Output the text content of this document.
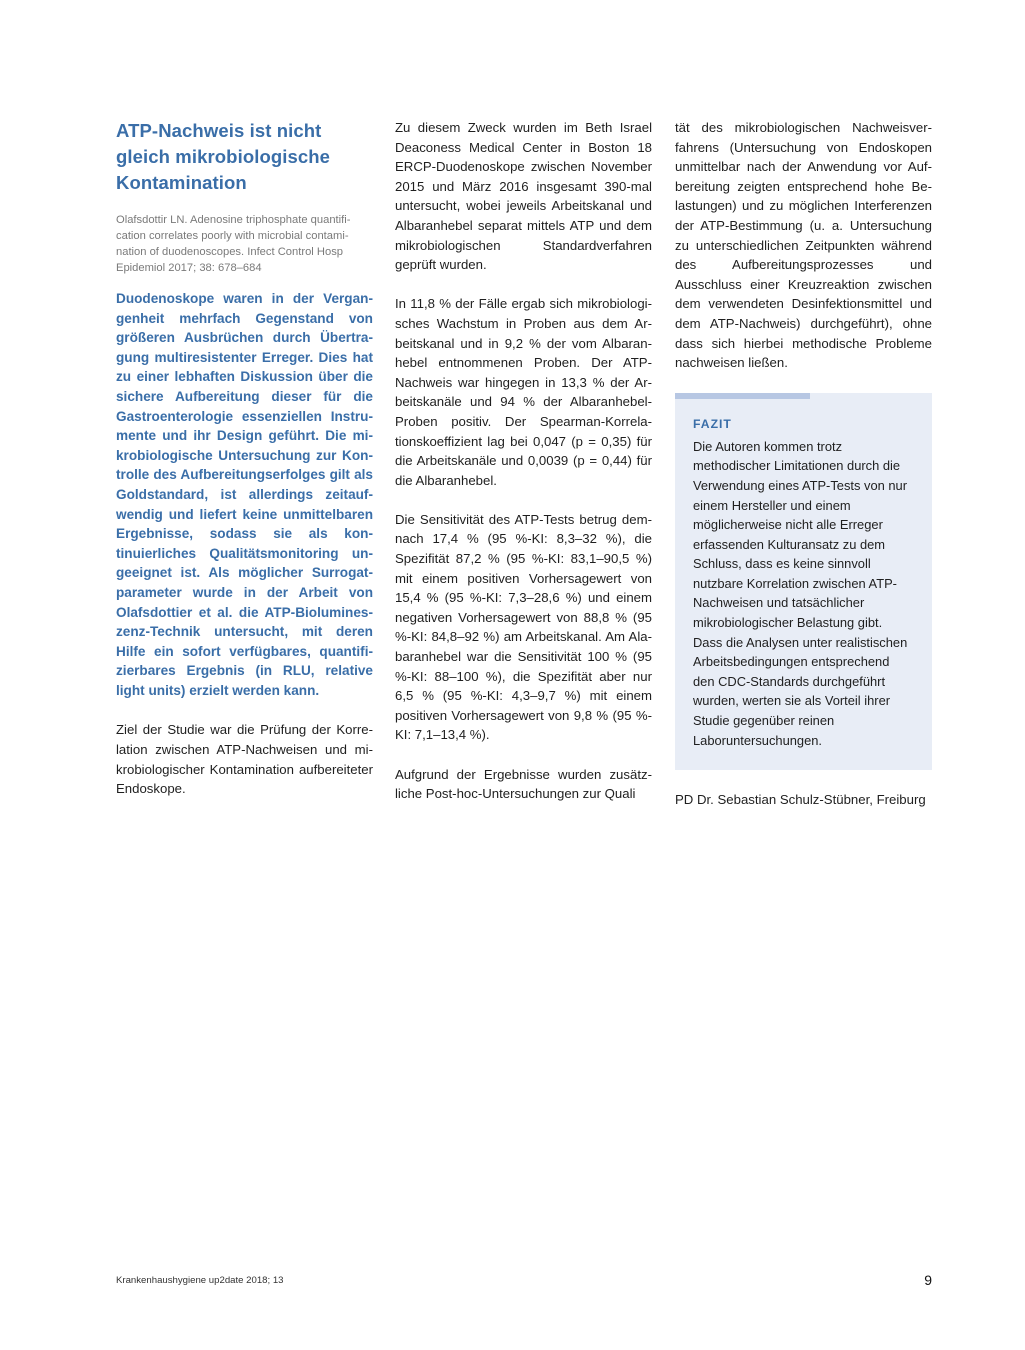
ATP-Nachweis ist nicht gleich mikrobiologische Kontamination

Olafsdottir LN. Adenosine triphosphate quantification correlates poorly with microbial contamination of duodenoscopes. Infect Control Hosp Epidemiol 2017; 38: 678–684

Duodenoskope waren in der Vergangenheit mehrfach Gegenstand von größeren Ausbrüchen durch Übertragung multiresistenter Erreger. Dies hat zu einer lebhaften Diskussion über die sichere Aufbereitung dieser für die Gastroenterologie essenziellen Instrumente und ihr Design geführt. Die mikrobiologische Untersuchung zur Kontrolle des Aufbereitungserfolges gilt als Goldstandard, ist allerdings zeitaufwendig und liefert keine unmittelbaren Ergebnisse, sodass sie als kontinuierliches Qualitätsmonitoring ungeeignet ist. Als möglicher Surrogatparameter wurde in der Arbeit von Olafsdottier et al. die ATP-Biolumineszenz-Technik untersucht, mit deren Hilfe ein sofort verfügbares, quantifizierbares Ergebnis (in RLU, relative light units) erzielt werden kann.

Ziel der Studie war die Prüfung der Korrelation zwischen ATP-Nachweisen und mikrobiologischer Kontamination aufbereiteter Endoskope.

Zu diesem Zweck wurden im Beth Israel Deaconess Medical Center in Boston 18 ERCP-Duodenoskope zwischen November 2015 und März 2016 insgesamt 390-mal untersucht, wobei jeweils Arbeitskanal und Albaranhebel separat mittels ATP und dem mikrobiologischen Standardverfahren geprüft wurden.

In 11,8 % der Fälle ergab sich mikrobiologisches Wachstum in Proben aus dem Arbeitskanal und in 9,2 % der vom Albaranhebel entnommenen Proben. Der ATP-Nachweis war hingegen in 13,3 % der Arbeitskanäle und 94 % der Albaranhebel-Proben positiv. Der Spearman-Korrelationskoeffizient lag bei 0,047 (p = 0,35) für die Arbeitskanäle und 0,0039 (p = 0,44) für die Albaranhebel.

Die Sensitivität des ATP-Tests betrug demnach 17,4 % (95 %-KI: 8,3–32 %), die Spezifität 87,2 % (95 %-KI: 83,1–90,5 %) mit einem positiven Vorhersagewert von 15,4 % (95 %-KI: 7,3–28,6 %) und einem negativen Vorhersagewert von 88,8 % (95 %-KI: 84,8–92 %) am Arbeitskanal. Am Alabaranhebel war die Sensitivität 100 % (95 %-KI: 88–100 %), die Spezifität aber nur 6,5 % (95 %-KI: 4,3–9,7 %) mit einem positiven Vorhersagewert von 9,8 % (95 %-KI: 7,1–13,4 %).

Aufgrund der Ergebnisse wurden zusätzliche Post-hoc-Untersuchungen zur Quali

tät des mikrobiologischen Nachweisverfahrens (Untersuchung von Endoskopen unmittelbar nach der Anwendung vor Aufbereitung zeigten entsprechend hohe Belastungen) und zu möglichen Interferenzen der ATP-Bestimmung (u. a. Untersuchung zu unterschiedlichen Zeitpunkten während des Aufbereitungsprozesses und Ausschluss einer Kreuzreaktion zwischen dem verwendeten Desinfektionsmittel und dem ATP-Nachweis) durchgeführt), ohne dass sich hierbei methodische Probleme nachweisen ließen.

FAZIT

Die Autoren kommen trotz methodischer Limitationen durch die Verwendung eines ATP-Tests von nur einem Hersteller und einem möglicherweise nicht alle Erreger erfassenden Kulturansatz zu dem Schluss, dass es keine sinnvoll nutzbare Korrelation zwischen ATP-Nachweisen und tatsächlicher mikrobiologischer Belastung gibt. Dass die Analysen unter realistischen Arbeitsbedingungen entsprechend den CDC-Standards durchgeführt wurden, werten sie als Vorteil ihrer Studie gegenüber reinen Laboruntersuchungen.

PD Dr. Sebastian Schulz-Stübner, Freiburg

Krankenhaushygiene up2date 2018; 13	9
